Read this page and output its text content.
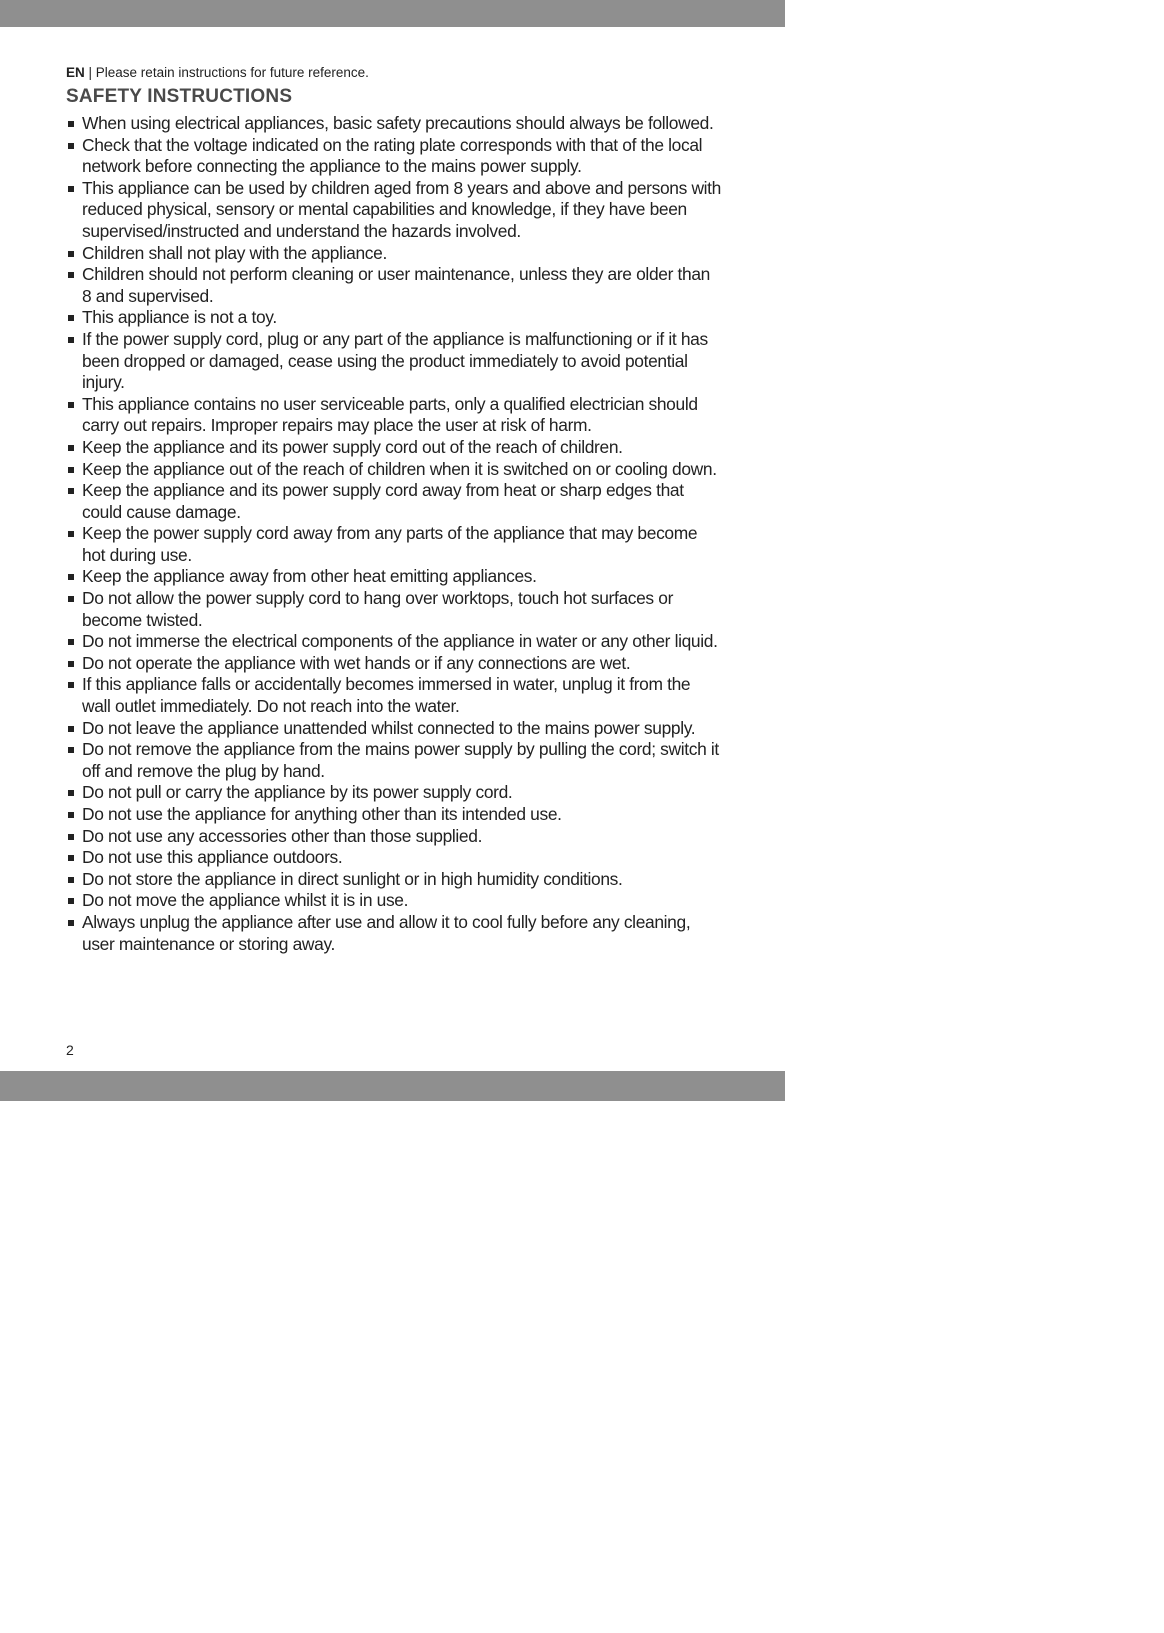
EN | Please retain instructions for future reference.

SAFETY INSTRUCTIONS
When using electrical appliances, basic safety precautions should always be followed.
Check that the voltage indicated on the rating plate corresponds with that of the local network before connecting the appliance to the mains power supply.
This appliance can be used by children aged from 8 years and above and persons with reduced physical, sensory or mental capabilities and knowledge, if they have been supervised/instructed and understand the hazards involved.
Children shall not play with the appliance.
Children should not perform cleaning or user maintenance, unless they are older than 8 and supervised.
This appliance is not a toy.
If the power supply cord, plug or any part of the appliance is malfunctioning or if it has been dropped or damaged, cease using the product immediately to avoid potential injury.
This appliance contains no user serviceable parts, only a qualified electrician should carry out repairs. Improper repairs may place the user at risk of harm.
Keep the appliance and its power supply cord out of the reach of children.
Keep the appliance out of the reach of children when it is switched on or cooling down.
Keep the appliance and its power supply cord away from heat or sharp edges that could cause damage.
Keep the power supply cord away from any parts of the appliance that may become hot during use.
Keep the appliance away from other heat emitting appliances.
Do not allow the power supply cord to hang over worktops, touch hot surfaces or become twisted.
Do not immerse the electrical components of the appliance in water or any other liquid.
Do not operate the appliance with wet hands or if any connections are wet.
If this appliance falls or accidentally becomes immersed in water, unplug it from the wall outlet immediately. Do not reach into the water.
Do not leave the appliance unattended whilst connected to the mains power supply.
Do not remove the appliance from the mains power supply by pulling the cord; switch it off and remove the plug by hand.
Do not pull or carry the appliance by its power supply cord.
Do not use the appliance for anything other than its intended use.
Do not use any accessories other than those supplied.
Do not use this appliance outdoors.
Do not store the appliance in direct sunlight or in high humidity conditions.
Do not move the appliance whilst it is in use.
Always unplug the appliance after use and allow it to cool fully before any cleaning, user maintenance or storing away.
2
